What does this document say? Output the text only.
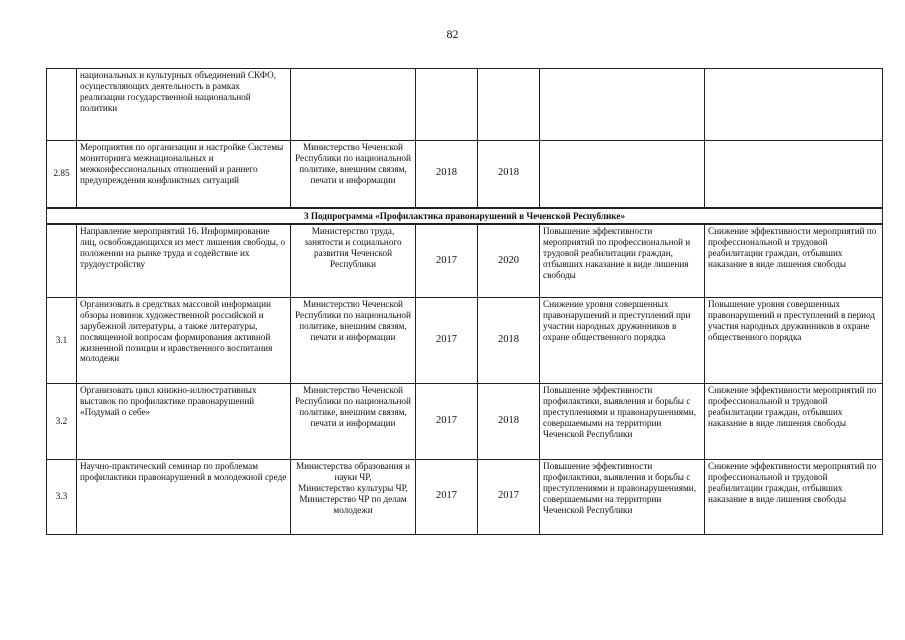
82
	национальных и культурных объединений СКФО, осуществляющих деятельность в рамках реализации государственной национальной политики					
2.85	Мероприятия по организации и настройке Системы мониторинга межнациональных и межконфессиональных отношений и раннего предупреждения конфликтных ситуаций	Министерство Чеченской Республики по национальной политике, внешним связям, печати и информации	2018	2018		
3 Подпрограмма «Профилактика правонарушений в Чеченской Республике»						
	Направление мероприятий 16. Информирование лиц, освобождающихся из мест лишения свободы, о положении на рынке труда и содействие их трудоустройству	Министерство труда, занятости и социального развития Чеченской Республики	2017	2020	Повышение эффективности мероприятий по профессиональной и трудовой реабилитации граждан, отбывших наказание в виде лишения свободы	Снижение эффективности мероприятий по профессиональной и трудовой реабилитации граждан, отбывших наказание в виде лишения свободы
3.1	Организовать в средствах массовой информации обзоры новинок художественной российской и зарубежной литературы, а также литературы, посвященной вопросам формирования активной жизненной позиции и нравственного воспитания молодежи	Министерство Чеченской Республики по национальной политике, внешним связям, печати и информации	2017	2018	Снижение уровня совершенных правонарушений и преступлений при участии народных дружинников в охране общественного порядка	Повышение уровня совершенных правонарушений и преступлений в период участия народных дружинников в охране общественного порядка
3.2	Организовать цикл книжно-иллюстративных выставок по профилактике правонарушений «Подумай о себе»	Министерство Чеченской Республики по национальной политике, внешним связям, печати и информации	2017	2018	Повышение эффективности профилактики, выявления и борьбы с преступлениями и правонарушениями, совершаемыми на территории Чеченской Республики	Снижение эффективности мероприятий по профессиональной и трудовой реабилитации граждан, отбывших наказание в виде лишения свободы
3.3	Научно-практический семинар по проблемам профилактики правонарушений в молодежной среде	Министерства образования и науки ЧР,
Министерство культуры ЧР,
Министерство ЧР по делам молодежи	2017	2017	Повышение эффективности профилактики, выявления и борьбы с преступлениями и правонарушениями, совершаемыми на территории Чеченской Республики	Снижение эффективности мероприятий по профессиональной и трудовой реабилитации граждан, отбывших наказание в виде лишения свободы
